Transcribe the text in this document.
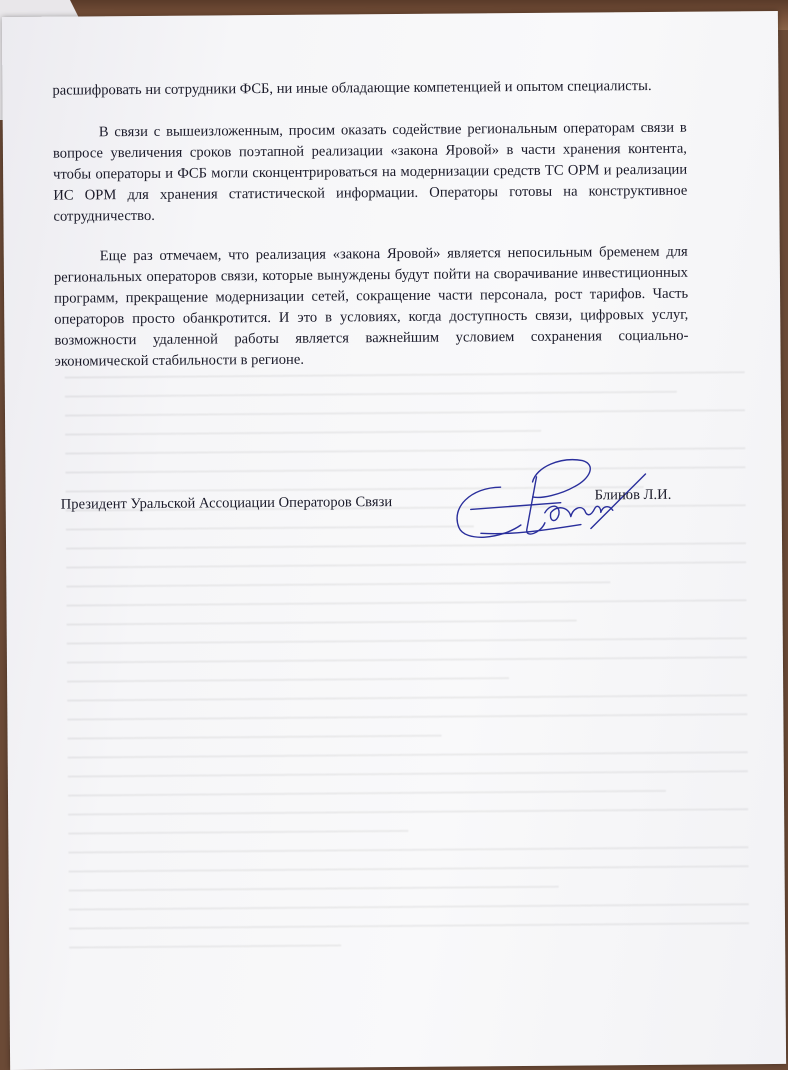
расшифровать ни сотрудники ФСБ, ни иные обладающие компетенцией и опытом специалисты.

В связи с вышеизложенным, просим оказать содействие региональным операторам связи в вопросе увеличения сроков поэтапной реализации «закона Яровой» в части хранения контента, чтобы операторы и ФСБ могли сконцентрироваться на модернизации средств ТС ОРМ и реализации ИС ОРМ для хранения статистической информации. Операторы готовы на конструктивное сотрудничество.

Еще раз отмечаем, что реализация «закона Яровой» является непосильным бременем для региональных операторов связи, которые вынуждены будут пойти на сворачивание инвестиционных программ, прекращение модернизации сетей, сокращение части персонала, рост тарифов. Часть операторов просто обанкротится. И это в условиях, когда доступность связи, цифровых услуг, возможности удаленной работы является важнейшим условием сохранения социально-экономической стабильности в регионе.

Президент Уральской Ассоциации Операторов Связи	Блинов Л.И.
